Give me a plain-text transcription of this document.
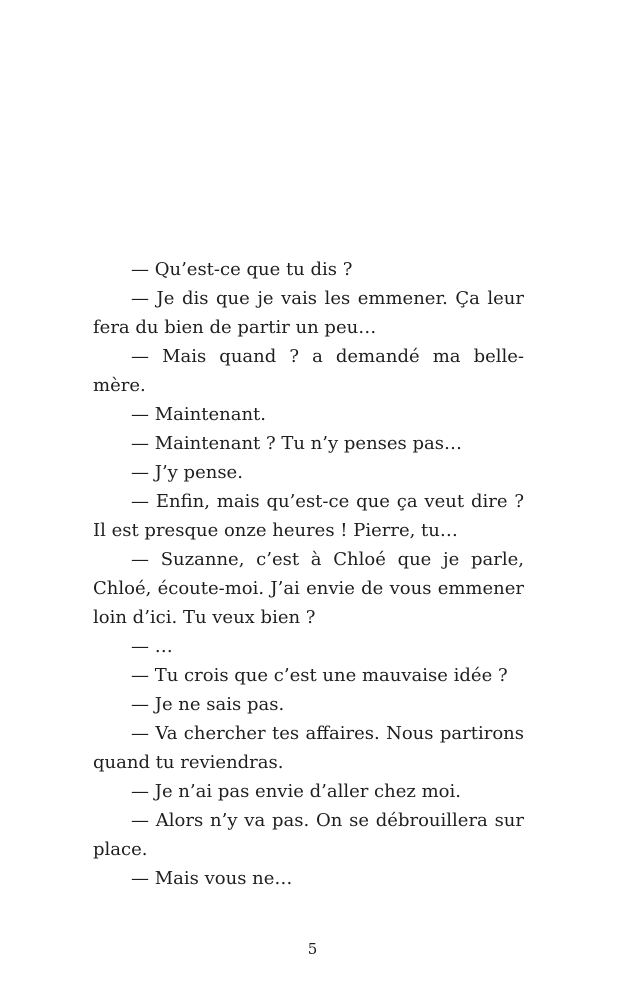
— Qu’est-ce que tu dis ?

— Je dis que je vais les emmener. Ça leur fera du bien de partir un peu…

— Mais quand ? a demandé ma belle-mère.

— Maintenant.

— Maintenant ? Tu n’y penses pas…

— J’y pense.

— Enfin, mais qu’est-ce que ça veut dire ? Il est presque onze heures ! Pierre, tu…

— Suzanne, c’est à Chloé que je parle, Chloé, écoute-moi. J’ai envie de vous emmener loin d’ici. Tu veux bien ?

— …

— Tu crois que c’est une mauvaise idée ?

— Je ne sais pas.

— Va chercher tes affaires. Nous partirons quand tu reviendras.

— Je n’ai pas envie d’aller chez moi.

— Alors n’y va pas. On se débrouillera sur place.

— Mais vous ne…

5
